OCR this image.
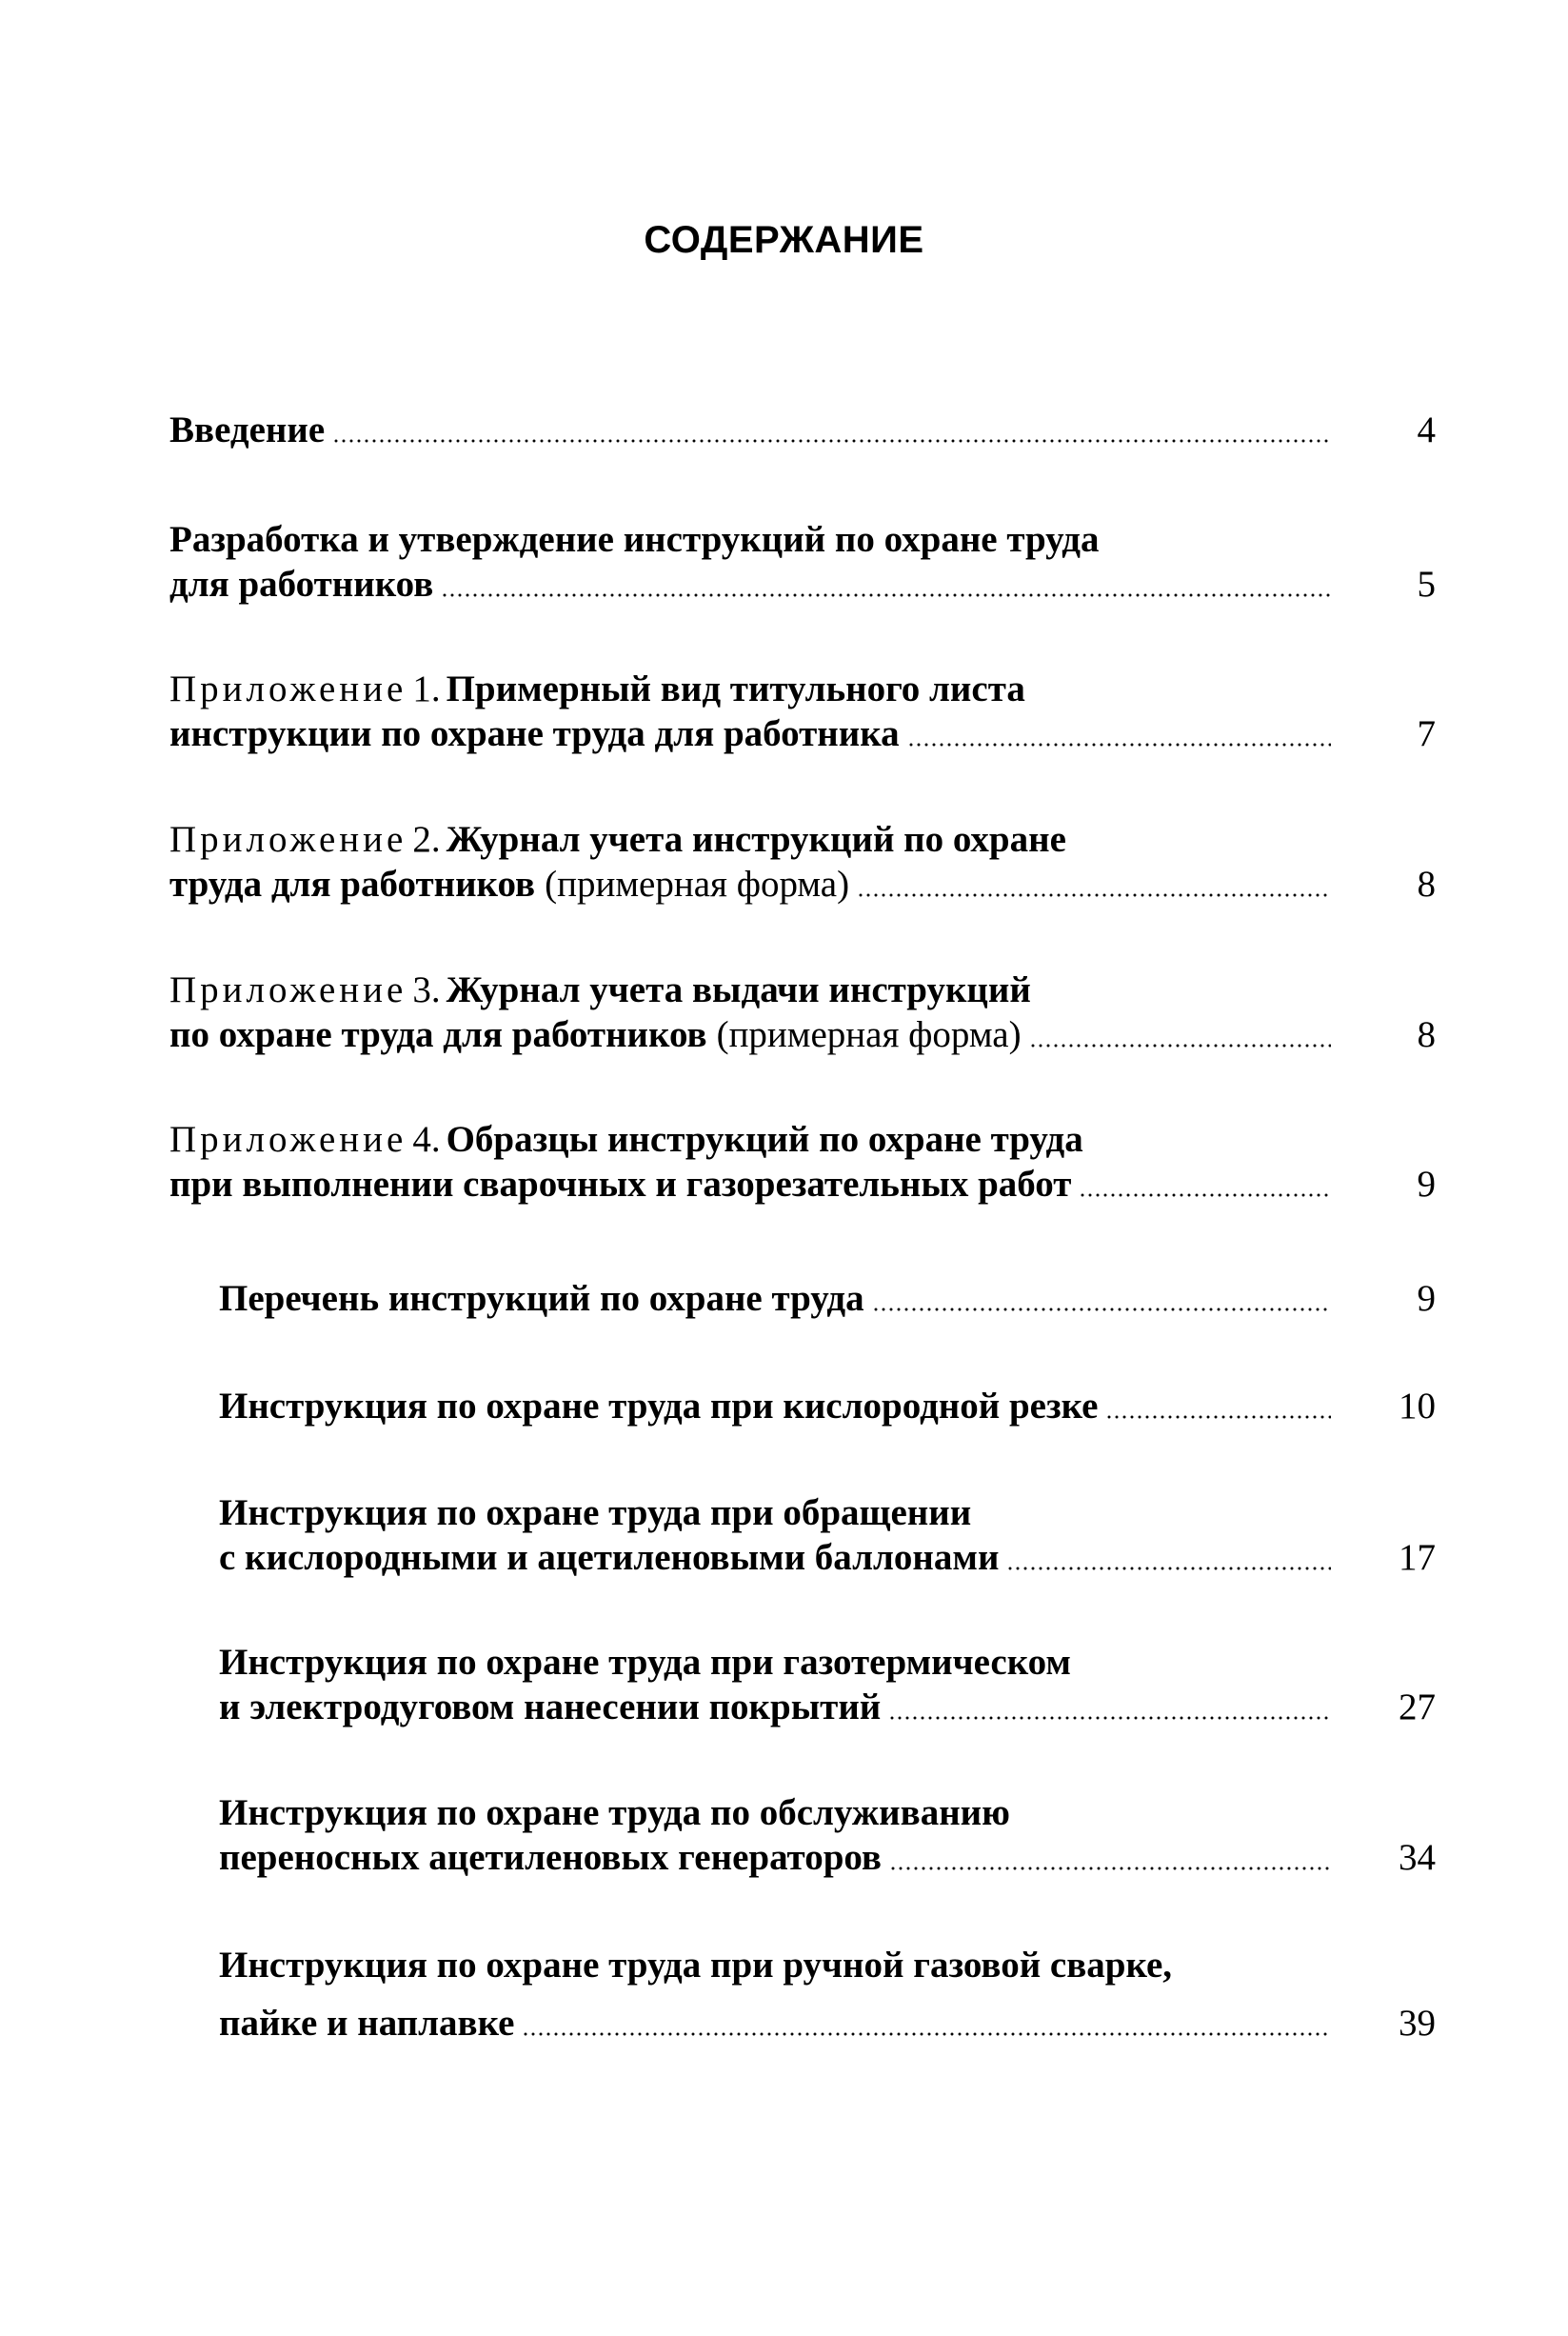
СОДЕРЖАНИЕ
Введение	4
Разработка и утверждение инструкций по охране труда
для работников	5
Приложение 1. Примерный вид титульного листа
инструкции по охране труда для работника	7
Приложение 2. Журнал учета инструкций по охране
труда для работников (примерная форма)	8
Приложение 3. Журнал учета выдачи инструкций
по охране труда для работников (примерная форма)	8
Приложение 4. Образцы инструкций по охране труда
при выполнении сварочных и газорезательных работ	9
Перечень инструкций по охране труда	9
Инструкция по охране труда при кислородной резке	10
Инструкция по охране труда при обращении
с кислородными и ацетиленовыми баллонами	17
Инструкция по охране труда при газотермическом
и электродуговом нанесении покрытий	27
Инструкция по охране труда по обслуживанию
переносных ацетиленовых генераторов	34
Инструкция по охране труда при ручной газовой сварке,
пайке и наплавке	39
